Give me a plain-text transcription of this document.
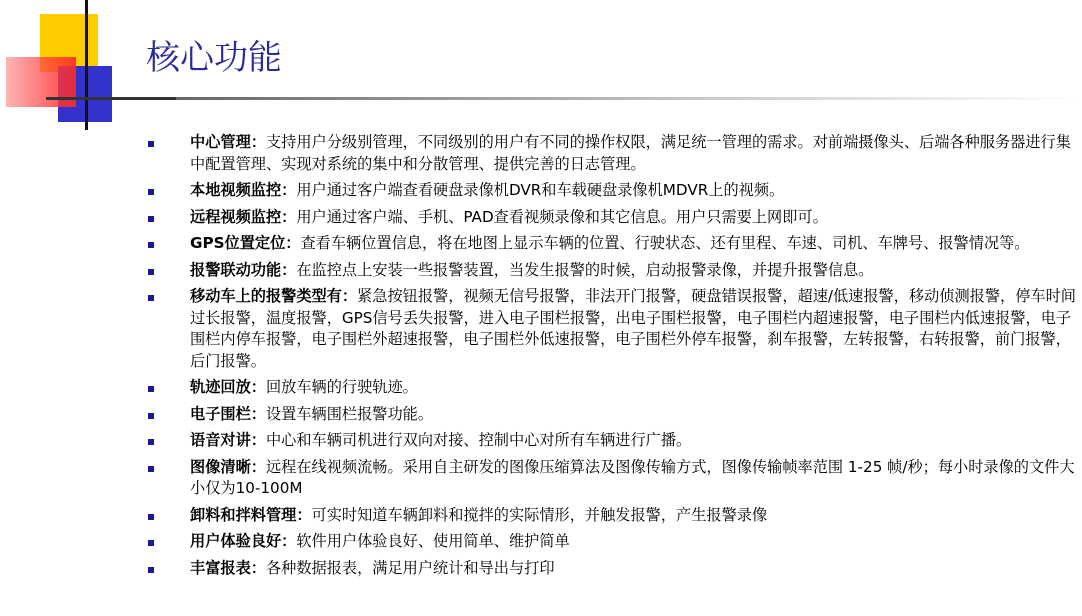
核心功能
中心管理：支持用户分级别管理，不同级别的用户有不同的操作权限，满足统一管理的需求。对前端摄像头、后端各种服务器进行集中配置管理、实现对系统的集中和分散管理、提供完善的日志管理。
本地视频监控：用户通过客户端查看硬盘录像机DVR和车载硬盘录像机MDVR上的视频。
远程视频监控：用户通过客户端、手机、PAD查看视频录像和其它信息。用户只需要上网即可。
GPS位置定位：查看车辆位置信息，将在地图上显示车辆的位置、行驶状态、还有里程、车速、司机、车牌号、报警情况等。
报警联动功能：在监控点上安装一些报警装置，当发生报警的时候，启动报警录像，并提升报警信息。
移动车上的报警类型有：紧急按钮报警，视频无信号报警，非法开门报警，硬盘错误报警，超速/低速报警，移动侦测报警，停车时间过长报警，温度报警，GPS信号丢失报警，进入电子围栏报警，出电子围栏报警，电子围栏内超速报警，电子围栏内低速报警，电子围栏内停车报警，电子围栏外超速报警，电子围栏外低速报警，电子围栏外停车报警，刹车报警，左转报警，右转报警，前门报警，后门报警。
轨迹回放：回放车辆的行驶轨迹。
电子围栏：设置车辆围栏报警功能。
语音对讲：中心和车辆司机进行双向对接、控制中心对所有车辆进行广播。
图像清晰：远程在线视频流畅。采用自主研发的图像压缩算法及图像传输方式，图像传输帧率范围 1-25 帧/秒；每小时录像的文件大小仅为10-100M
卸料和拌料管理：可实时知道车辆卸料和搅拌的实际情形，并触发报警，产生报警录像
用户体验良好：软件用户体验良好、使用简单、维护简单
丰富报表：各种数据报表，满足用户统计和导出与打印
